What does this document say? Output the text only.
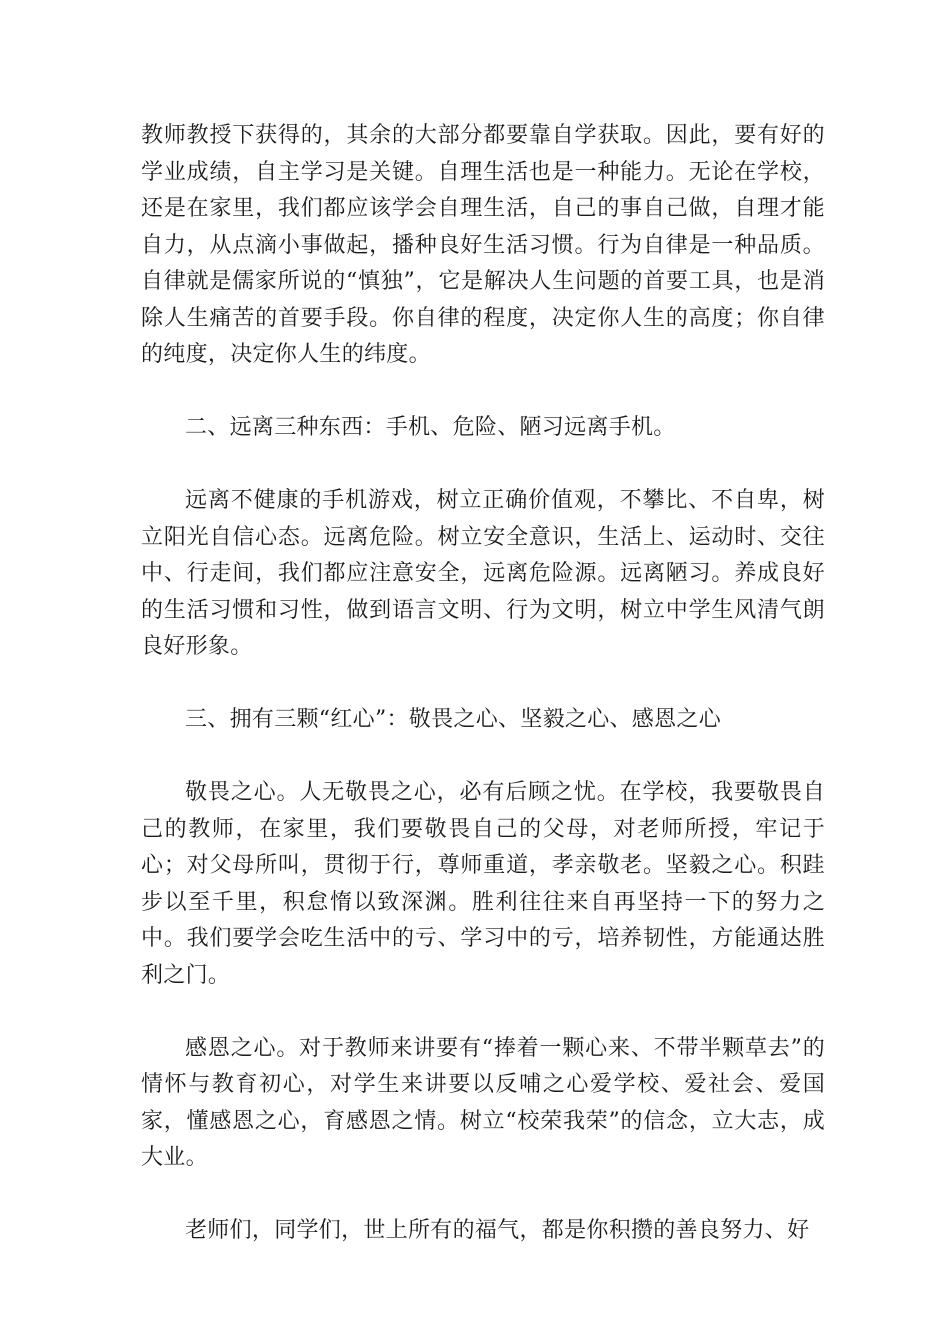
教师教授下获得的，其余的大部分都要靠自学获取。因此，要有好的学业成绩，自主学习是关键。自理生活也是一种能力。无论在学校，还是在家里，我们都应该学会自理生活，自己的事自己做，自理才能自力，从点滴小事做起，播种良好生活习惯。行为自律是一种品质。自律就是儒家所说的“慎独”，它是解决人生问题的首要工具，也是消除人生痛苦的首要手段。你自律的程度，决定你人生的高度；你自律的纯度，决定你人生的纬度。

二、远离三种东西：手机、危险、陋习远离手机。

远离不健康的手机游戏，树立正确价值观，不攀比、不自卑，树立阳光自信心态。远离危险。树立安全意识，生活上、运动时、交往中、行走间，我们都应注意安全，远离危险源。远离陋习。养成良好的生活习惯和习性，做到语言文明、行为文明，树立中学生风清气朗良好形象。

三、拥有三颗“红心”：敬畏之心、坚毅之心、感恩之心

敬畏之心。人无敬畏之心，必有后顾之忧。在学校，我要敬畏自己的教师，在家里，我们要敬畏自己的父母，对老师所授，牢记于心；对父母所叫，贯彻于行，尊师重道，孝亲敬老。坚毅之心。积跬步以至千里，积怠惰以致深渊。胜利往往来自再坚持一下的努力之中。我们要学会吃生活中的亏、学习中的亏，培养韧性，方能通达胜利之门。

感恩之心。对于教师来讲要有“捧着一颗心来、不带半颗草去”的情怀与教育初心，对学生来讲要以反哺之心爱学校、爱社会、爱国家，懂感恩之心，育感恩之情。树立“校荣我荣”的信念，立大志，成大业。

老师们，同学们，世上所有的福气，都是你积攒的善良努力、好
